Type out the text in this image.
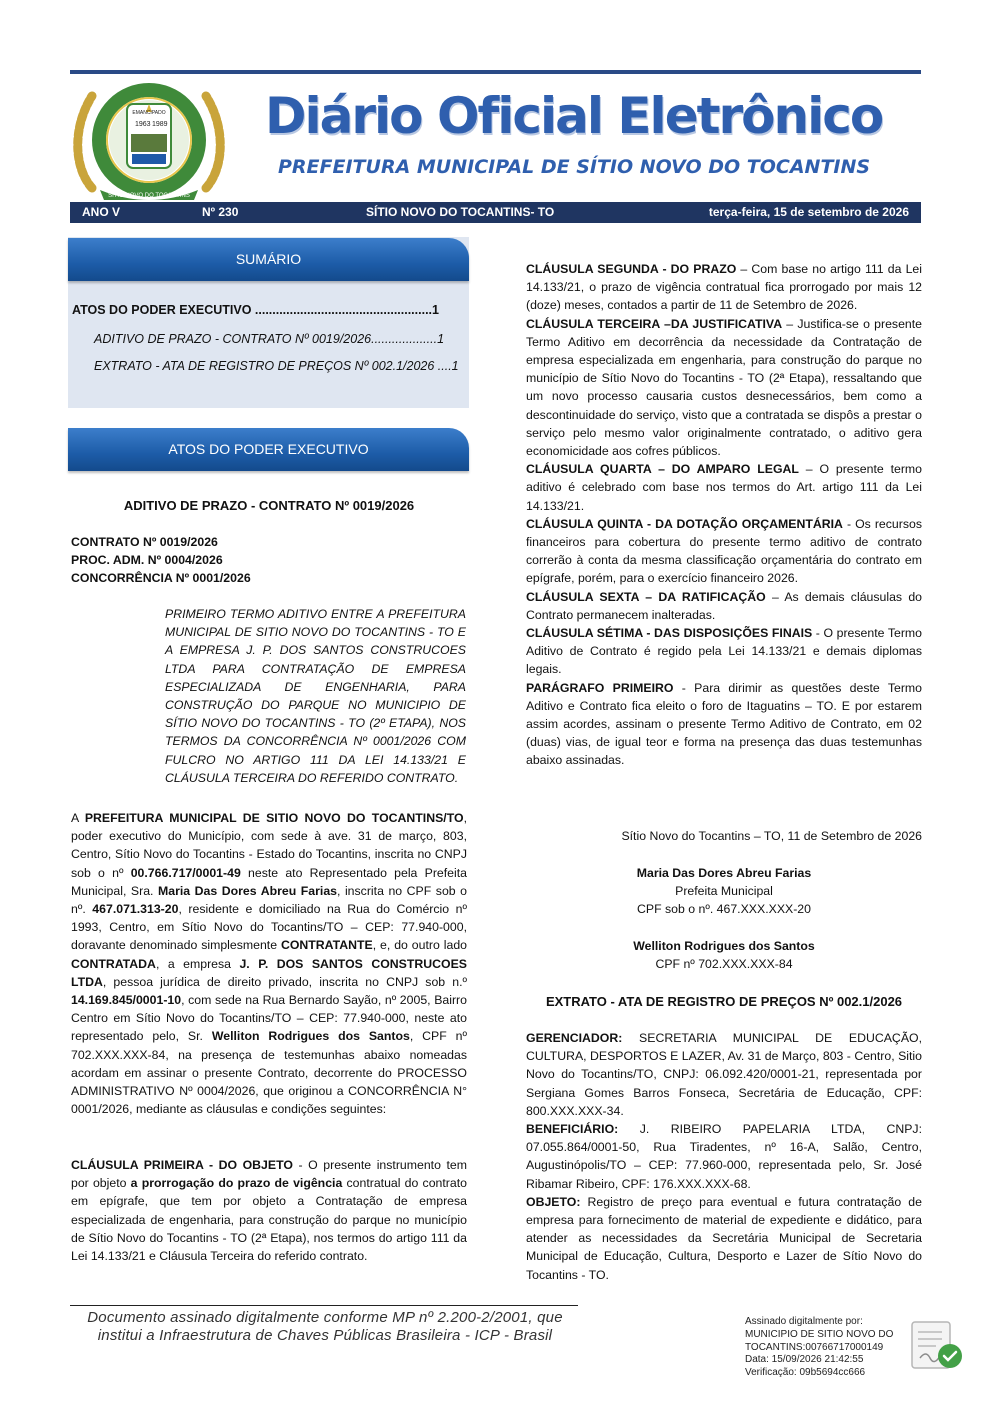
1963 1989
EMANCIPADO
SITIO NOVO DO TOCANTINS
Diário Oficial Eletrônico
PREFEITURA MUNICIPAL DE SÍTIO NOVO DO TOCANTINS
ANO V	Nº 230	SÍTIO NOVO DO TOCANTINS- TO	terça-feira, 15 de setembro de 2026
SUMÁRIO
ATOS DO PODER EXECUTIVO ...................................................1
ADITIVO DE PRAZO - CONTRATO Nº 0019/2026...................1
EXTRATO - ATA DE REGISTRO DE PREÇOS Nº 002.1/2026 ....1
ATOS DO PODER EXECUTIVO
ADITIVO DE PRAZO - CONTRATO Nº 0019/2026

CONTRATO Nº 0019/2026

PROC. ADM. Nº 0004/2026

CONCORRÊNCIA Nº 0001/2026

PRIMEIRO TERMO ADITIVO ENTRE A PREFEITURA MUNICIPAL DE SITIO NOVO DO TOCANTINS - TO E A EMPRESA J. P. DOS SANTOS CONSTRUCOES LTDA PARA CONTRATAÇÃO DE EMPRESA ESPECIALIZADA DE ENGENHARIA, PARA CONSTRUÇÃO DO PARQUE NO MUNICIPIO DE SÍTIO NOVO DO TOCANTINS - TO (2º ETAPA), NOS TERMOS DA CONCORRÊNCIA Nº 0001/2026 COM FULCRO NO ARTIGO 111 DA LEI 14.133/21 E CLÁUSULA TERCEIRA DO REFERIDO CONTRATO.
A PREFEITURA MUNICIPAL DE SITIO NOVO DO TOCANTINS/TO, poder executivo do Município, com sede à ave. 31 de março, 803, Centro, Sítio Novo do Tocantins - Estado do Tocantins, inscrita no CNPJ sob o nº 00.766.717/0001-49 neste ato Representado pela Prefeita Municipal, Sra. Maria Das Dores Abreu Farias, inscrita no CPF sob o nº. 467.071.313-20, residente e domiciliado na Rua do Comércio nº 1993, Centro, em Sítio Novo do Tocantins/TO – CEP: 77.940-000, doravante denominado simplesmente CONTRATANTE, e, do outro lado CONTRATADA, a empresa J. P. DOS SANTOS CONSTRUCOES LTDA, pessoa jurídica de direito privado, inscrita no CNPJ sob n.º 14.169.845/0001-10, com sede na Rua Bernardo Sayão, nº 2005, Bairro Centro em Sítio Novo do Tocantins/TO – CEP: 77.940-000, neste ato representado pelo, Sr. Welliton Rodrigues dos Santos, CPF nº 702.XXX.XXX-84, na presença de testemunhas abaixo nomeadas acordam em assinar o presente Contrato, decorrente do PROCESSO ADMINISTRATIVO Nº 0004/2026, que originou a CONCORRÊNCIA N° 0001/2026, mediante as cláusulas e condições seguintes:
CLÁUSULA PRIMEIRA - DO OBJETO - O presente instrumento tem por objeto a prorrogação do prazo de vigência contratual do contrato em epígrafe, que tem por objeto a Contratação de empresa especializada de engenharia, para construção do parque no município de Sítio Novo do Tocantins - TO (2ª Etapa), nos termos do artigo 111 da Lei 14.133/21 e Cláusula Terceira do referido contrato.

CLÁUSULA SEGUNDA - DO PRAZO – Com base no artigo 111 da Lei 14.133/21, o prazo de vigência contratual fica prorrogado por mais 12 (doze) meses, contados a partir de 11 de Setembro de 2026.

CLÁUSULA TERCEIRA –DA JUSTIFICATIVA – Justifica-se o presente Termo Aditivo em decorrência da necessidade da Contratação de empresa especializada em engenharia, para construção do parque no município de Sítio Novo do Tocantins - TO (2ª Etapa), ressaltando que um novo processo causaria custos desnecessários, bem como a descontinuidade do serviço, visto que a contratada se dispôs a prestar o serviço pelo mesmo valor originalmente contratado, o aditivo gera economicidade aos cofres públicos.

CLÁUSULA QUARTA – DO AMPARO LEGAL – O presente termo aditivo é celebrado com base nos termos do Art. artigo 111 da Lei 14.133/21.

CLÁUSULA QUINTA - DA DOTAÇÃO ORÇAMENTÁRIA - Os recursos financeiros para cobertura do presente termo aditivo de contrato correrão à conta da mesma classificação orçamentária do contrato em epígrafe, porém, para o exercício financeiro 2026.

CLÁUSULA SEXTA – DA RATIFICAÇÃO – As demais cláusulas do Contrato permanecem inalteradas.

CLÁUSULA SÉTIMA - DAS DISPOSIÇÕES FINAIS - O presente Termo Aditivo de Contrato é regido pela Lei 14.133/21 e demais diplomas legais.

PARÁGRAFO PRIMEIRO - Para dirimir as questões deste Termo Aditivo e Contrato fica eleito o foro de Itaguatins – TO. E por estarem assim acordes, assinam o presente Termo Aditivo de Contrato, em 02 (duas) vias, de igual teor e forma na presença das duas testemunhas abaixo assinadas.

Sítio Novo do Tocantins – TO, 11 de Setembro de 2026

Maria Das Dores Abreu Farias

Prefeita Municipal

CPF sob o nº. 467.XXX.XXX-20

Welliton Rodrigues dos Santos

CPF nº 702.XXX.XXX-84

EXTRATO - ATA DE REGISTRO DE PREÇOS Nº 002.1/2026

GERENCIADOR: SECRETARIA MUNICIPAL DE EDUCAÇÃO, CULTURA, DESPORTOS E LAZER, Av. 31 de Março, 803 - Centro, Sitio Novo do Tocantins/TO, CNPJ: 06.092.420/0001-21, representada por Sergiana Gomes Barros Fonseca, Secretária de Educação, CPF: 800.XXX.XXX-34.

BENEFICIÁRIO: J. RIBEIRO PAPELARIA LTDA, CNPJ: 07.055.864/0001-50, Rua Tiradentes, nº 16-A, Salão, Centro, Augustinópolis/TO – CEP: 77.960-000, representada pelo, Sr. José Ribamar Ribeiro, CPF: 176.XXX.XXX-68.

OBJETO: Registro de preço para eventual e futura contratação de empresa para fornecimento de material de expediente e didático, para atender as necessidades da Secretária Municipal de Secretaria Municipal de Educação, Cultura, Desporto e Lazer de Sítio Novo do Tocantins - TO.

Documento assinado digitalmente conforme MP nº 2.200-2/2001, que

institui a Infraestrutura de Chaves Públicas Brasileira - ICP - Brasil

Assinado digitalmente por:

MUNICIPIO DE SITIO NOVO DO

TOCANTINS:00766717000149

Data: 15/09/2026 21:42:55

Verificação: 09b5694cc666
